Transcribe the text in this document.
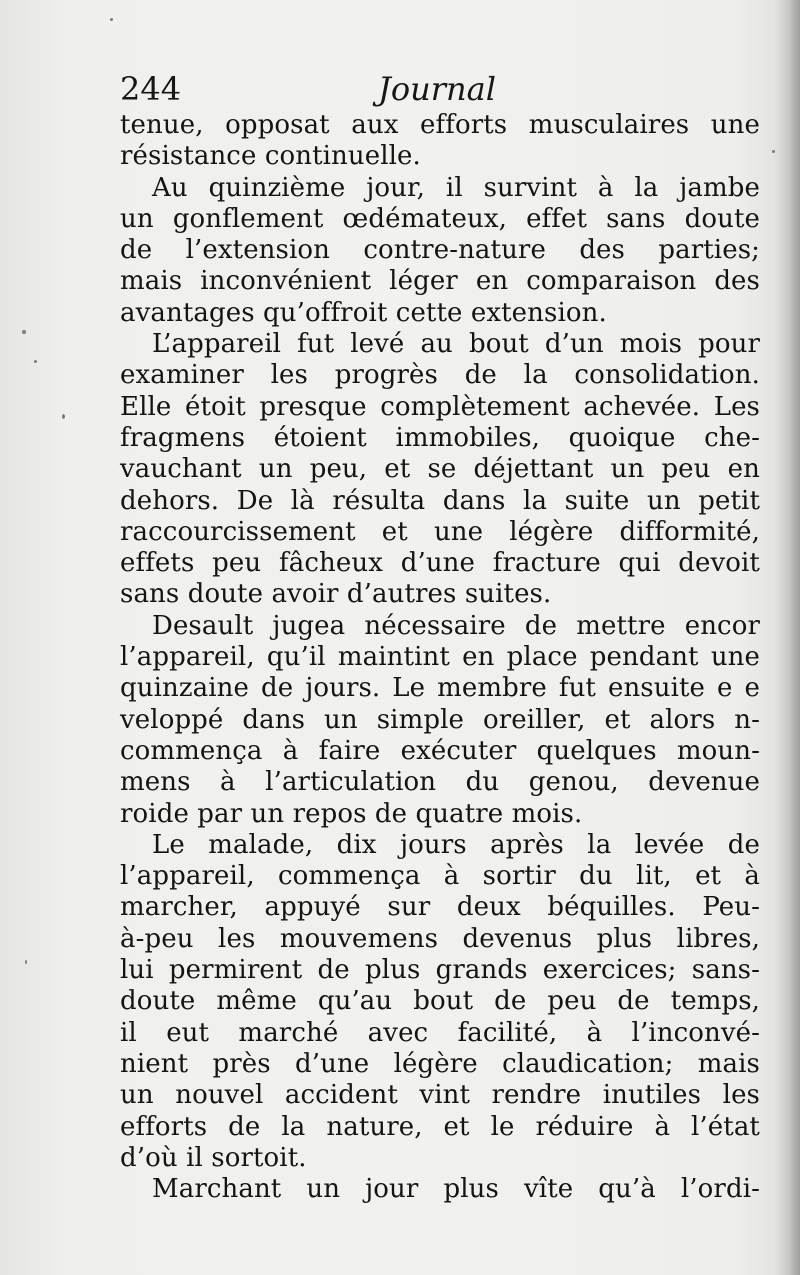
244	Journal
tenue, opposat aux efforts musculaires une
résistance continuelle.
Au quinzième jour, il survint à la jambe
un gonflement œdémateux, effet sans doute
de l’extension contre-nature des parties;
mais inconvénient léger en comparaison des
avantages qu’offroit cette extension.
L’appareil fut levé au bout d’un mois pour
examiner les progrès de la consolidation.
Elle étoit presque complètement achevée. Les
fragmens étoient immobiles, quoique che-
vauchant un peu, et se déjettant un peu en
dehors. De là résulta dans la suite un petit
raccourcissement et une légère difformité,
effets peu fâcheux d’une fracture qui devoit
sans doute avoir d’autres suites.
Desault jugea nécessaire de mettre encor
l’appareil, qu’il maintint en place pendant une
quinzaine de jours. Le membre fut ensuite e e
veloppé dans un simple oreiller, et alors n-
commença à faire exécuter quelques moun-
mens à l’articulation du genou, devenue
roide par un repos de quatre mois.
Le malade, dix jours après la levée de
l’appareil, commença à sortir du lit, et à
marcher, appuyé sur deux béquilles. Peu-
à-peu les mouvemens devenus plus libres,
lui permirent de plus grands exercices; sans-
doute même qu’au bout de peu de temps,
il eut marché avec facilité, à l’inconvé-
nient près d’une légère claudication; mais
un nouvel accident vint rendre inutiles les
efforts de la nature, et le réduire à l’état
d’où il sortoit.
Marchant un jour plus vîte qu’à l’ordi-
